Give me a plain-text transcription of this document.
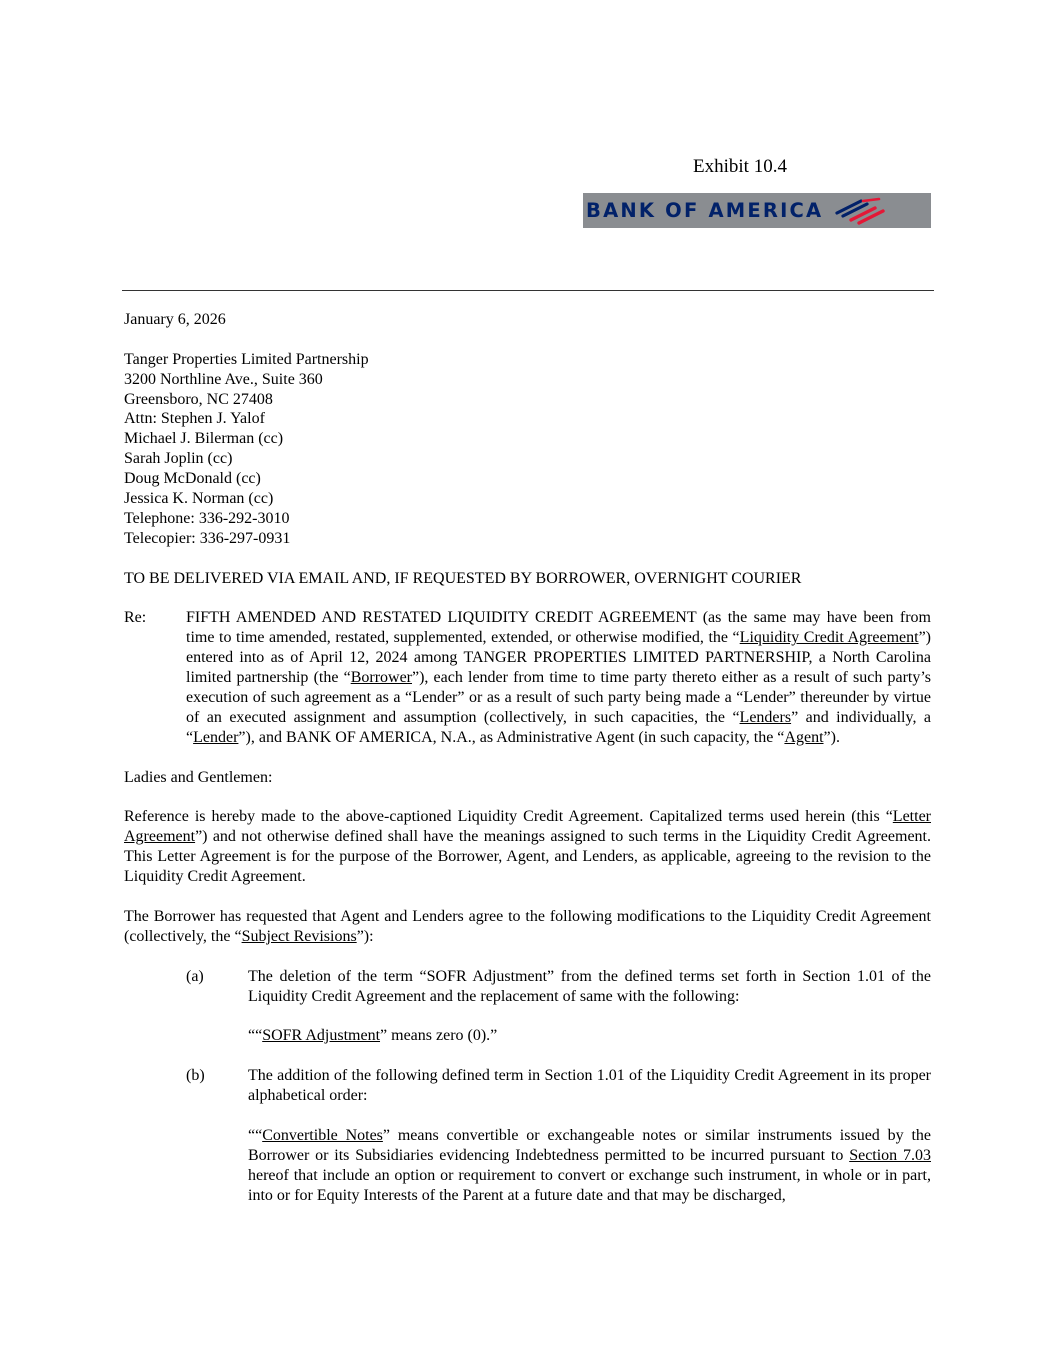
Exhibit 10.4
BANK OF AMERICA
January 6, 2026
Tanger Properties Limited Partnership
3200 Northline Ave., Suite 360
Greensboro, NC 27408
Attn: Stephen J. Yalof
Michael J. Bilerman (cc)
Sarah Joplin (cc)
Doug McDonald (cc)
Jessica K. Norman (cc)
Telephone: 336-292-3010
Telecopier: 336-297-0931
TO BE DELIVERED VIA EMAIL AND, IF REQUESTED BY BORROWER, OVERNIGHT COURIER
Re:	FIFTH AMENDED AND RESTATED LIQUIDITY CREDIT AGREEMENT (as the same may have been from time to time amended, restated, supplemented, extended, or otherwise modified, the “Liquidity Credit Agreement”) entered into as of April 12, 2024 among TANGER PROPERTIES LIMITED PARTNERSHIP, a North Carolina limited partnership (the “Borrower”), each lender from time to time party thereto either as a result of such party’s execution of such agreement as a “Lender” or as a result of such party being made a “Lender” thereunder by virtue of an executed assignment and assumption (collectively, in such capacities, the “Lenders” and individually, a “Lender”), and BANK OF AMERICA, N.A., as Administrative Agent (in such capacity, the “Agent”).
Ladies and Gentlemen:
Reference is hereby made to the above-captioned Liquidity Credit Agreement. Capitalized terms used herein (this “Letter Agreement”) and not otherwise defined shall have the meanings assigned to such terms in the Liquidity Credit Agreement. This Letter Agreement is for the purpose of the Borrower, Agent, and Lenders, as applicable, agreeing to the revision to the Liquidity Credit Agreement.
The Borrower has requested that Agent and Lenders agree to the following modifications to the Liquidity Credit Agreement (collectively, the “Subject Revisions”):
(a)	The deletion of the term “SOFR Adjustment” from the defined terms set forth in Section 1.01 of the Liquidity Credit Agreement and the replacement of same with the following:
““SOFR Adjustment” means zero (0).”
(b)	The addition of the following defined term in Section 1.01 of the Liquidity Credit Agreement in its proper alphabetical order:
““Convertible Notes” means convertible or exchangeable notes or similar instruments issued by the Borrower or its Subsidiaries evidencing Indebtedness permitted to be incurred pursuant to Section 7.03 hereof that include an option or requirement to convert or exchange such instrument, in whole or in part, into or for Equity Interests of the Parent at a future date and that may be discharged,
